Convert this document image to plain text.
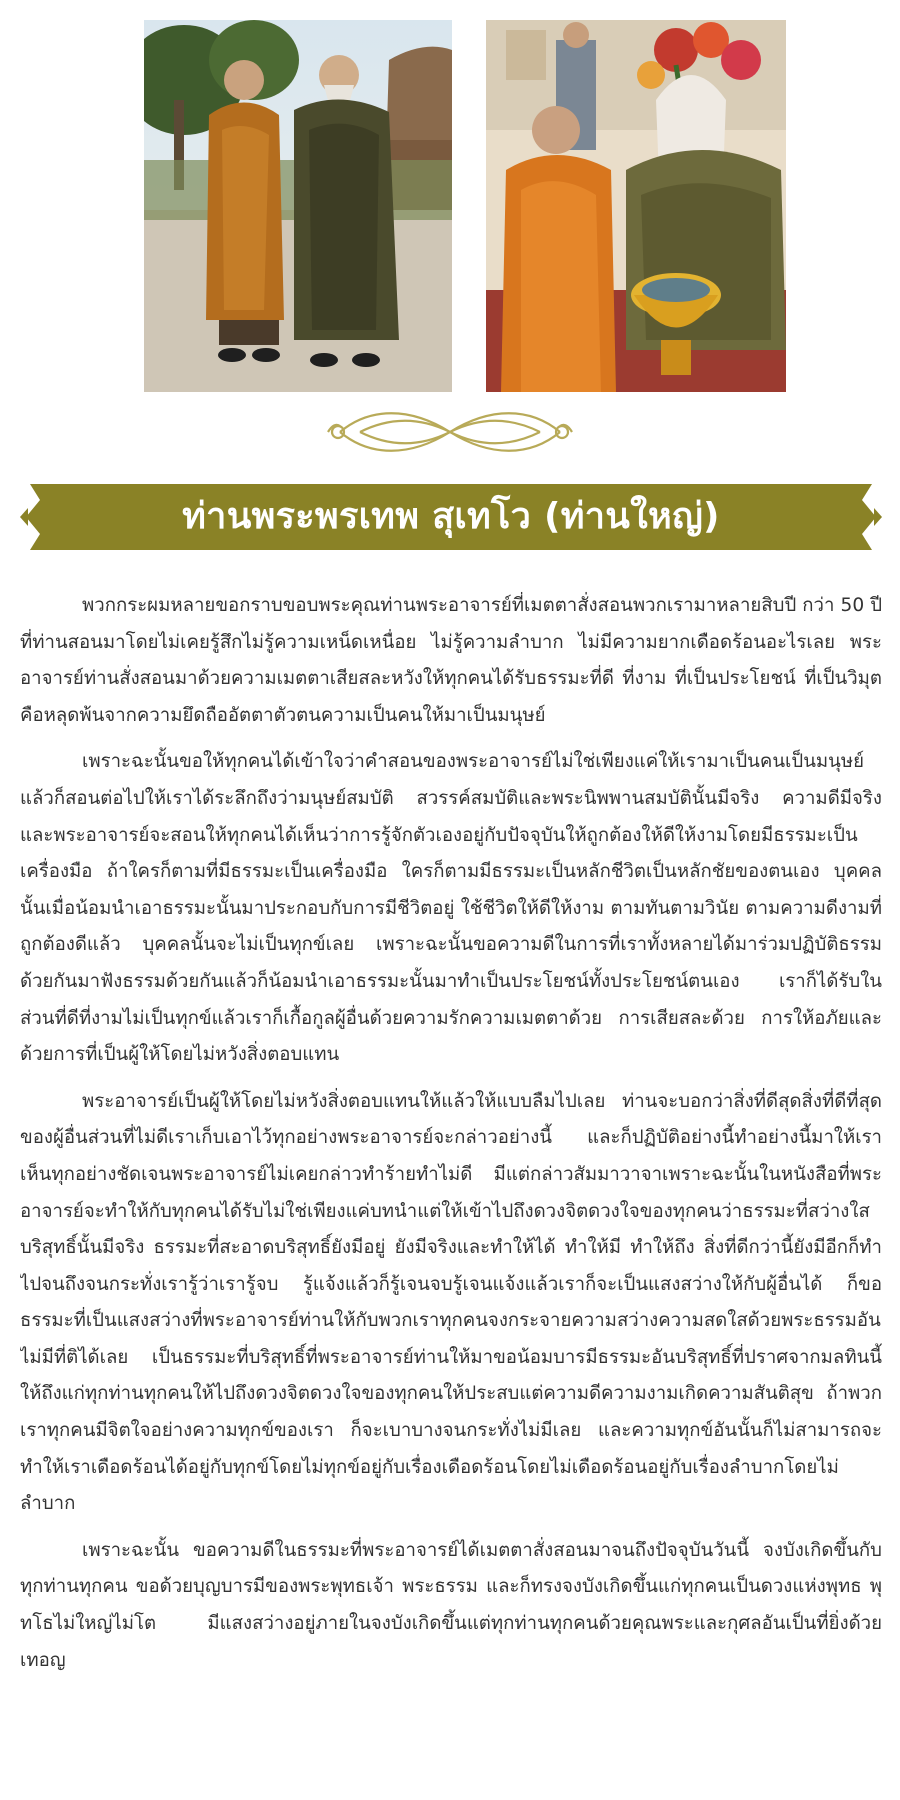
ท่านพระพรเทพ สุเทโว (ท่านใหญ่)

พวกกระผมหลายขอกราบขอบพระคุณท่านพระอาจารย์ที่เมตตาสั่งสอนพวกเรามาหลายสิบปี กว่า 50 ปี ที่ท่านสอนมาโดยไม่เคยรู้สึกไม่รู้ความเหน็ดเหนื่อย ไม่รู้ความลำบาก ไม่มีความยากเดือดร้อนอะไรเลย พระอาจารย์ท่านสั่งสอนมาด้วยความเมตตาเสียสละหวังให้ทุกคนได้รับธรรมะที่ดี ที่งาม ที่เป็นประโยชน์ ที่เป็นวิมุตคือหลุดพ้นจากความยึดถืออัตตาตัวตนความเป็นคนให้มาเป็นมนุษย์

เพราะฉะนั้นขอให้ทุกคนได้เข้าใจว่าคำสอนของพระอาจารย์ไม่ใช่เพียงแค่ให้เรามาเป็นคนเป็นมนุษย์ แล้วก็สอนต่อไปให้เราได้ระลึกถึงว่ามนุษย์สมบัติ สวรรค์สมบัติและพระนิพพานสมบัตินั้นมีจริง ความดีมีจริง และพระอาจารย์จะสอนให้ทุกคนได้เห็นว่าการรู้จักตัวเองอยู่กับปัจจุบันให้ถูกต้องให้ดีให้งามโดยมีธรรมะเป็นเครื่องมือ ถ้าใครก็ตามที่มีธรรมะเป็นเครื่องมือ ใครก็ตามมีธรรมะเป็นหลักชีวิตเป็นหลักชัยของตนเอง บุคคลนั้นเมื่อน้อมนำเอาธรรมะนั้นมาประกอบกับการมีชีวิตอยู่ ใช้ชีวิตให้ดีให้งาม ตามทันตามวินัย ตามความดีงามที่ถูกต้องดีแล้ว บุคคลนั้นจะไม่เป็นทุกข์เลย เพราะฉะนั้นขอความดีในการที่เราทั้งหลายได้มาร่วมปฏิบัติธรรมด้วยกันมาฟังธรรมด้วยกันแล้วก็น้อมนำเอาธรรมะนั้นมาทำเป็นประโยชน์ทั้งประโยชน์ตนเอง เราก็ได้รับในส่วนที่ดีที่งามไม่เป็นทุกข์แล้วเราก็เกื้อกูลผู้อื่นด้วยความรักความเมตตาด้วย การเสียสละด้วย การให้อภัยและด้วยการที่เป็นผู้ให้โดยไม่หวังสิ่งตอบแทน

พระอาจารย์เป็นผู้ให้โดยไม่หวังสิ่งตอบแทนให้แล้วให้แบบลืมไปเลย ท่านจะบอกว่าสิ่งที่ดีสุดสิ่งที่ดีที่สุดของผู้อื่นส่วนที่ไม่ดีเราเก็บเอาไว้ทุกอย่างพระอาจารย์จะกล่าวอย่างนี้ และก็ปฏิบัติอย่างนี้ทำอย่างนี้มาให้เราเห็นทุกอย่างชัดเจนพระอาจารย์ไม่เคยกล่าวทำร้ายทำไม่ดี มีแต่กล่าวสัมมาวาจาเพราะฉะนั้นในหนังสือที่พระอาจารย์จะทำให้กับทุกคนได้รับไม่ใช่เพียงแค่บทนำแต่ให้เข้าไปถึงดวงจิตดวงใจของทุกคนว่าธรรมะที่สว่างใสบริสุทธิ์นั้นมีจริง ธรรมะที่สะอาดบริสุทธิ์ยังมีอยู่ ยังมีจริงและทำให้ได้ ทำให้มี ทำให้ถึง สิ่งที่ดีกว่านี้ยังมีอีกก็ทำไปจนถึงจนกระทั่งเรารู้ว่าเรารู้จบ รู้แจ้งแล้วก็รู้เจนจบรู้เจนแจ้งแล้วเราก็จะเป็นแสงสว่างให้กับผู้อื่นได้ ก็ขอธรรมะที่เป็นแสงสว่างที่พระอาจารย์ท่านให้กับพวกเราทุกคนจงกระจายความสว่างความสดใสด้วยพระธรรมอันไม่มีที่ติได้เลย เป็นธรรมะที่บริสุทธิ์ที่พระอาจารย์ท่านให้มาขอน้อมบารมีธรรมะอันบริสุทธิ์ที่ปราศจากมลทินนี้ให้ถึงแก่ทุกท่านทุกคนให้ไปถึงดวงจิตดวงใจของทุกคนให้ประสบแต่ความดีความงามเกิดความสันติสุข ถ้าพวกเราทุกคนมีจิตใจอย่างความทุกข์ของเรา ก็จะเบาบางจนกระทั่งไม่มีเลย และความทุกข์อันนั้นก็ไม่สามารถจะทำให้เราเดือดร้อนได้อยู่กับทุกข์โดยไม่ทุกข์อยู่กับเรื่องเดือดร้อนโดยไม่เดือดร้อนอยู่กับเรื่องลำบากโดยไม่ลำบาก

เพราะฉะนั้น ขอความดีในธรรมะที่พระอาจารย์ได้เมตตาสั่งสอนมาจนถึงปัจจุบันวันนี้ จงบังเกิดขึ้นกับทุกท่านทุกคน ขอด้วยบุญบารมีของพระพุทธเจ้า พระธรรม และก็ทรงจงบังเกิดขึ้นแก่ทุกคนเป็นดวงแห่งพุทธ พุทโธไม่ใหญ่ไม่โต มีแสงสว่างอยู่ภายในจงบังเกิดขึ้นแต่ทุกท่านทุกคนด้วยคุณพระและกุศลอันเป็นที่ยิ่งด้วยเทอญ
